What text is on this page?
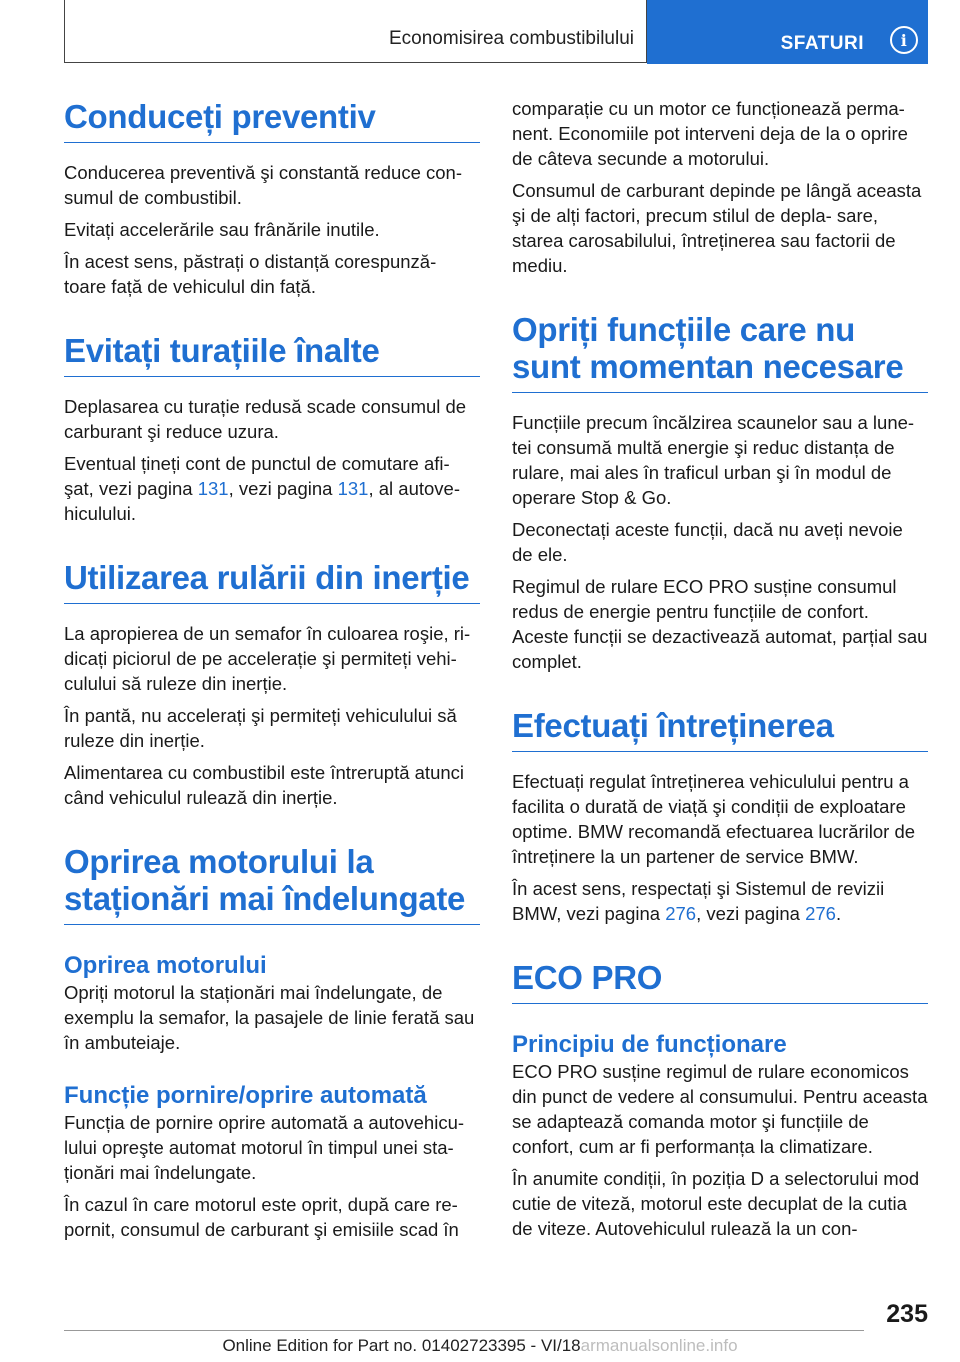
Economisirea combustibilului	SFATURI	i
Conduceți preventiv

Conducerea preventivă şi constantă reduce con‐ sumul de combustibil.

Evitați accelerările sau frânările inutile.

În acest sens, păstrați o distanță corespunză‐ toare față de vehiculul din față.

Evitați turațiile înalte

Deplasarea cu turație redusă scade consumul de carburant şi reduce uzura.

Eventual țineți cont de punctul de comutare afi‐ şat, vezi pagina 131, vezi pagina 131, al autove‐ hiculului.

Utilizarea rulării din inerție

La apropierea de un semafor în culoarea roşie, ri‐ dicați piciorul de pe accelerație şi permiteți vehi‐ culului să ruleze din inerție.

În pantă, nu accelerați şi permiteți vehiculului să ruleze din inerție.

Alimentarea cu combustibil este întreruptă atunci când vehiculul rulează din inerție.

Oprirea motorului la staționări mai îndelungate
Oprirea motorului

Opriți motorul la staționări mai îndelungate, de exemplu la semafor, la pasajele de linie ferată sau în ambuteiaje.

Funcție pornire/oprire automată

Funcția de pornire oprire automată a autovehicu‐ lului opreşte automat motorul în timpul unei sta‐ ționări mai îndelungate.

În cazul în care motorul este oprit, după care re‐ pornit, consumul de carburant şi emisiile scad în

comparație cu un motor ce funcționează perma‐ nent. Economiile pot interveni deja de la o oprire de câteva secunde a motorului.

Consumul de carburant depinde pe lângă aceasta şi de alți factori, precum stilul de depla‐ sare, starea carosabilului, întreținerea sau factorii de mediu.

Opriți funcțiile care nu sunt momentan necesare

Funcțiile precum încălzirea scaunelor sau a lune‐ tei consumă multă energie şi reduc distanța de rulare, mai ales în traficul urban şi în modul de operare Stop & Go.

Deconectați aceste funcții, dacă nu aveți nevoie de ele.

Regimul de rulare ECO PRO susține consumul redus de energie pentru funcțiile de confort. Aceste funcții se dezactivează automat, parțial sau complet.

Efectuați întreținerea

Efectuați regulat întreținerea vehiculului pentru a facilita o durată de viață şi condiții de exploatare optime. BMW recomandă efectuarea lucrărilor de întreținere la un partener de service BMW.

În acest sens, respectați şi Sistemul de revizii BMW, vezi pagina 276, vezi pagina 276.

ECO PRO
Principiu de funcționare

ECO PRO susține regimul de rulare economicos din punct de vedere al consumului. Pentru aceasta se adaptează comanda motor şi funcțiile de confort, cum ar fi performanța la climatizare.

În anumite condiții, în poziția D a selectorului mod cutie de viteză, motorul este decuplat de la cutia de viteze. Autovehiculul rulează la un con‐

235
Online Edition for Part no. 01402723395 - VI/18armanualsonline.info
